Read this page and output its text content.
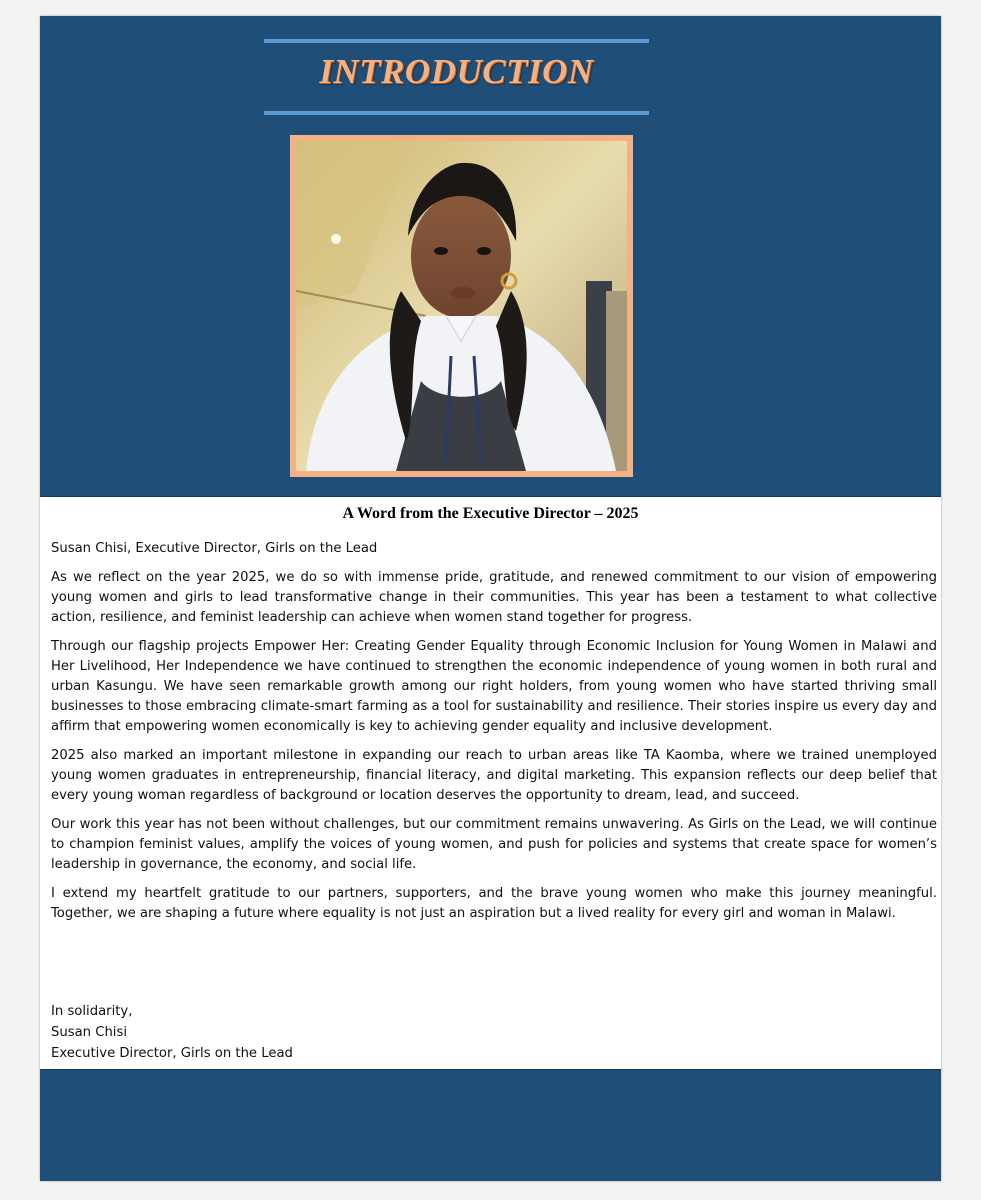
INTRODUCTION
A Word from the Executive Director – 2025

Susan Chisi, Executive Director, Girls on the Lead

As we reflect on the year 2025, we do so with immense pride, gratitude, and renewed commitment to our vision of empowering young women and girls to lead transformative change in their communities. This year has been a testament to what collective action, resilience, and feminist leadership can achieve when women stand together for progress.

Through our flagship projects Empower Her: Creating Gender Equality through Economic Inclusion for Young Women in Malawi and Her Livelihood, Her Independence we have continued to strengthen the economic independence of young women in both rural and urban Kasungu. We have seen remarkable growth among our right holders, from young women who have started thriving small businesses to those embracing climate-smart farming as a tool for sustainability and resilience. Their stories inspire us every day and affirm that empowering women economically is key to achieving gender equality and inclusive development.

2025 also marked an important milestone in expanding our reach to urban areas like TA Kaomba, where we trained unemployed young women graduates in entrepreneurship, financial literacy, and digital marketing. This expansion reflects our deep belief that every young woman regardless of background or location deserves the opportunity to dream, lead, and succeed.

Our work this year has not been without challenges, but our commitment remains unwavering. As Girls on the Lead, we will continue to champion feminist values, amplify the voices of young women, and push for policies and systems that create space for women’s leadership in governance, the economy, and social life.

I extend my heartfelt gratitude to our partners, supporters, and the brave young women who make this journey meaningful. Together, we are shaping a future where equality is not just an aspiration but a lived reality for every girl and woman in Malawi.

In solidarity,
Susan Chisi
Executive Director, Girls on the Lead
